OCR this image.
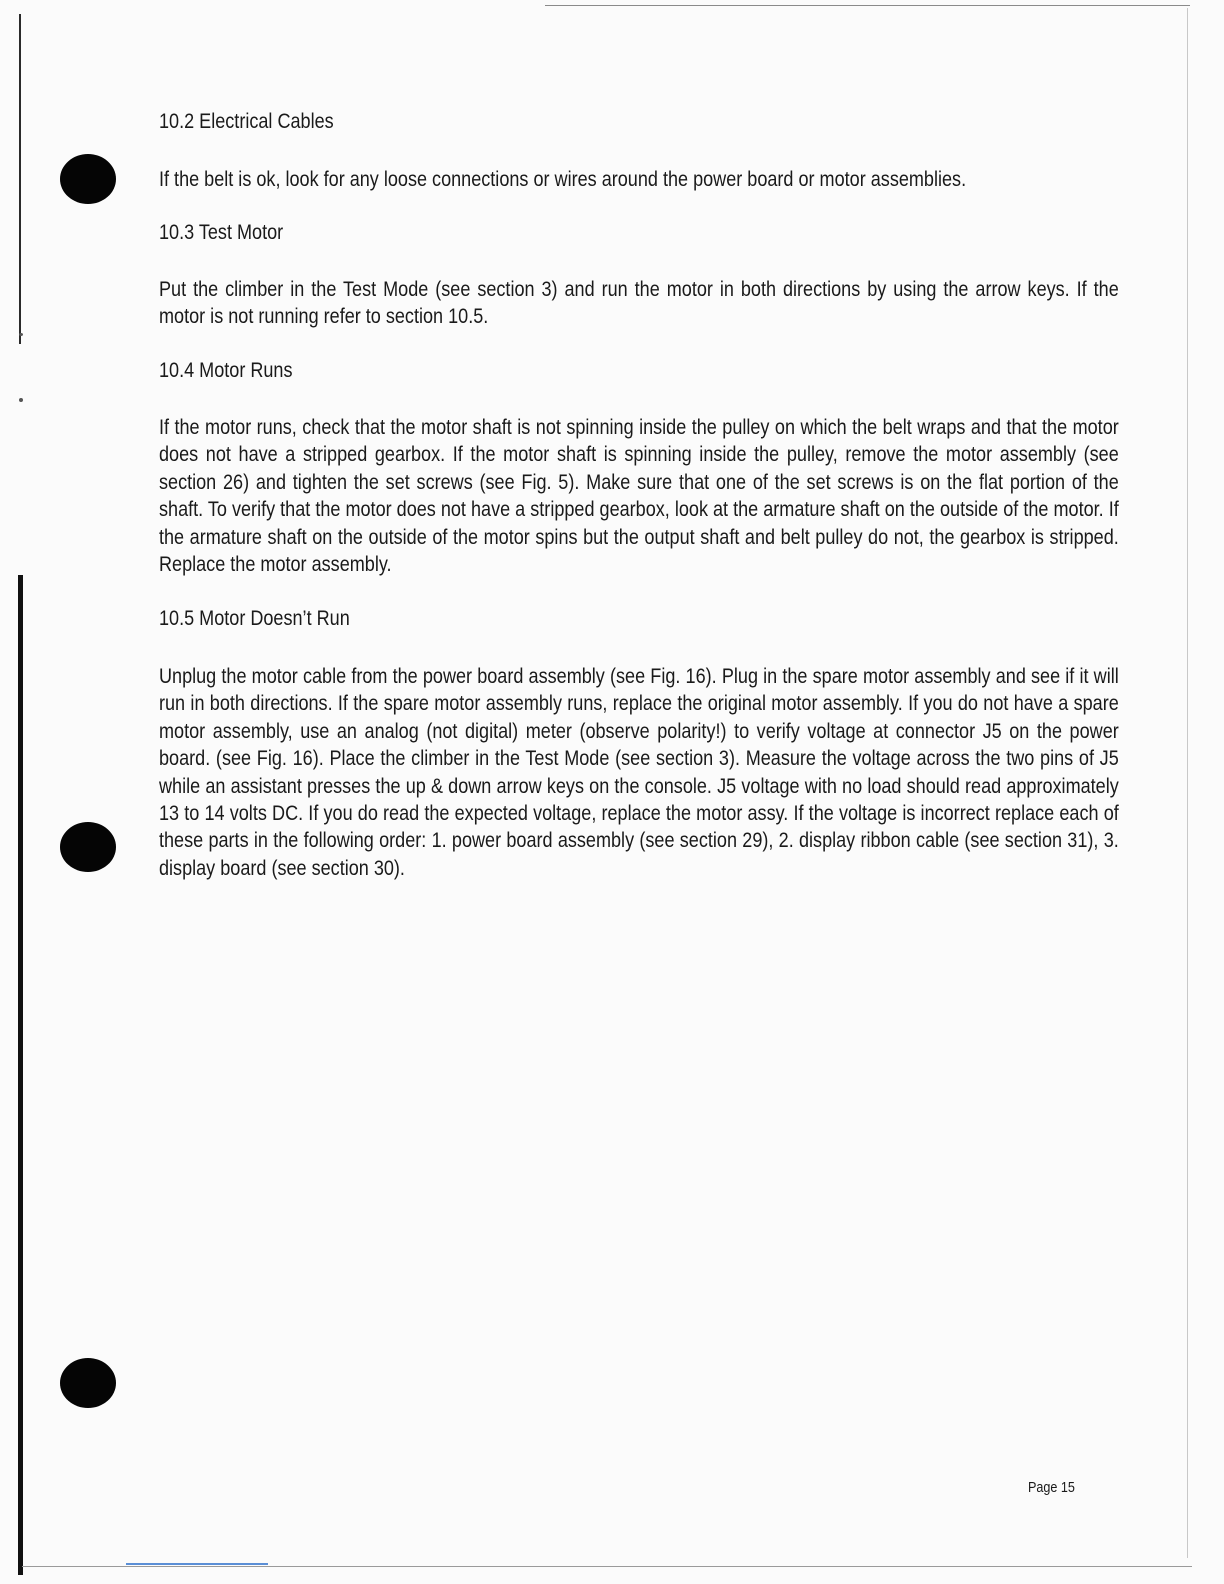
10.2 Electrical Cables
If the belt is ok, look for any loose connections or wires around the power board or motor assemblies.
10.3 Test Motor
Put the climber in the Test Mode (see section 3) and run the motor in both directions by using the arrow keys. If the motor is not running refer to section 10.5.
10.4 Motor Runs
If the motor runs, check that the motor shaft is not spinning inside the pulley on which the belt wraps and that the motor does not have a stripped gearbox. If the motor shaft is spinning inside the pulley, remove the motor assembly (see section 26) and tighten the set screws (see Fig. 5). Make sure that one of the set screws is on the flat portion of the shaft. To verify that the motor does not have a stripped gearbox, look at the armature shaft on the outside of the motor. If the armature shaft on the outside of the motor spins but the output shaft and belt pulley do not, the gearbox is stripped. Replace the motor assembly.
10.5 Motor Doesn’t Run
Unplug the motor cable from the power board assembly (see Fig. 16). Plug in the spare motor assembly and see if it will run in both directions. If the spare motor assembly runs, replace the original motor assembly. If you do not have a spare motor assembly, use an analog (not digital) meter (observe polarity!) to verify voltage at connector J5 on the power board. (see Fig. 16). Place the climber in the Test Mode (see section 3). Measure the voltage across the two pins of J5 while an assistant presses the up & down arrow keys on the console. J5 voltage with no load should read approximately 13 to 14 volts DC. If you do read the expected voltage, replace the motor assy. If the voltage is incorrect replace each of these parts in the following order: 1. power board assembly (see section 29), 2. display ribbon cable (see section 31), 3. display board (see section 30).
Page 15
